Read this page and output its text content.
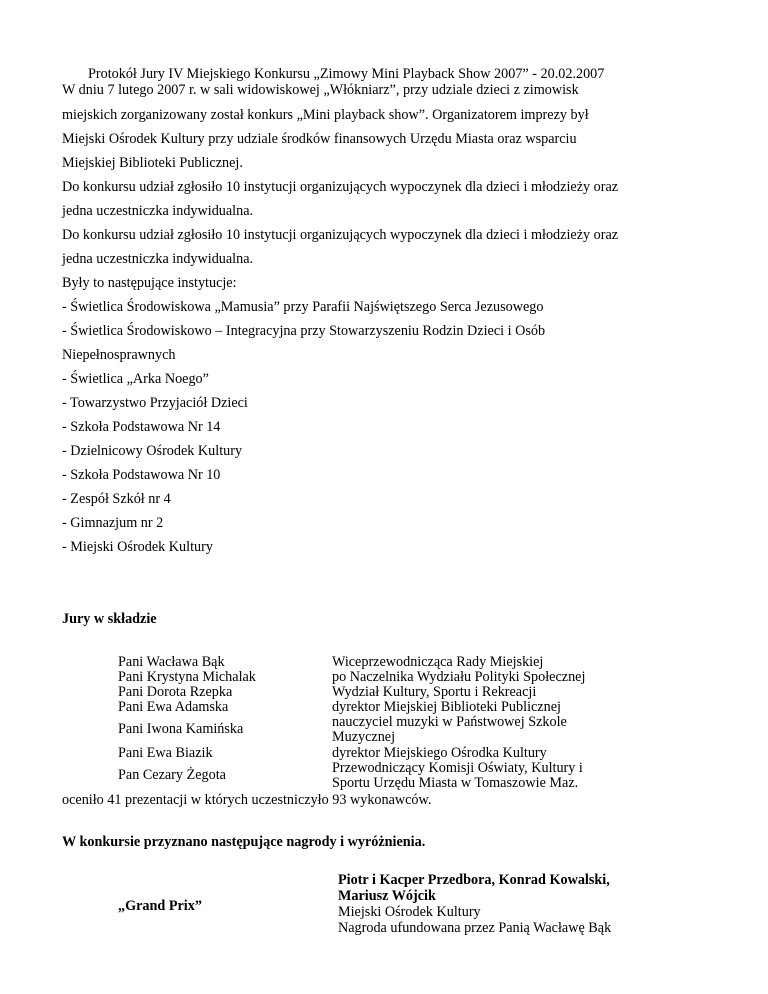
Protokół Jury IV Miejskiego Konkursu „Zimowy Mini Playback Show 2007” - 20.02.2007
W dniu 7 lutego 2007 r. w sali widowiskowej „Włókniarz”, przy udziale dzieci z zimowisk
miejskich zorganizowany został konkurs „Mini playback show”. Organizatorem imprezy był
Miejski Ośrodek Kultury przy udziale środków finansowych Urzędu Miasta oraz wsparciu
Miejskiej Biblioteki Publicznej.
Do konkursu udział zgłosiło 10 instytucji organizujących wypoczynek dla dzieci i młodzieży oraz
jedna uczestniczka indywidualna.
Do konkursu udział zgłosiło 10 instytucji organizujących wypoczynek dla dzieci i młodzieży oraz
jedna uczestniczka indywidualna.
Były to następujące instytucje:
- Świetlica Środowiskowa „Mamusia” przy Parafii Najświętszego Serca Jezusowego
- Świetlica Środowiskowo – Integracyjna przy Stowarzyszeniu Rodzin Dzieci i Osób
Niepełnosprawnych
- Świetlica „Arka Noego”
- Towarzystwo Przyjaciół Dzieci
- Szkoła Podstawowa Nr 14
- Dzielnicowy Ośrodek Kultury
- Szkoła Podstawowa Nr 10
- Zespół Szkół nr 4
- Gimnazjum nr 2
- Miejski Ośrodek Kultury
Jury w składzie
Pani Wacława Bąk	Wiceprzewodnicząca Rady Miejskiej
Pani Krystyna Michalak	po Naczelnika Wydziału Polityki Społecznej
Pani Dorota Rzepka	Wydział Kultury, Sportu i Rekreacji
Pani Ewa Adamska	dyrektor Miejskiej Biblioteki Publicznej
Pani Iwona Kamińska	nauczyciel muzyki w Państwowej Szkole
Muzycznej
Pani Ewa Biazik	dyrektor Miejskiego Ośrodka Kultury
Pan Cezary Żegota	Przewodniczący Komisji Oświaty, Kultury i
Sportu Urzędu Miasta w Tomaszowie Maz.
oceniło 41 prezentacji w których uczestniczyło 93 wykonawców.
W konkursie przyznano następujące nagrody i wyróżnienia.
„Grand Prix”
Piotr i Kacper Przedbora, Konrad Kowalski,
Mariusz Wójcik
Miejski Ośrodek Kultury
Nagroda ufundowana przez Panią Wacławę Bąk
